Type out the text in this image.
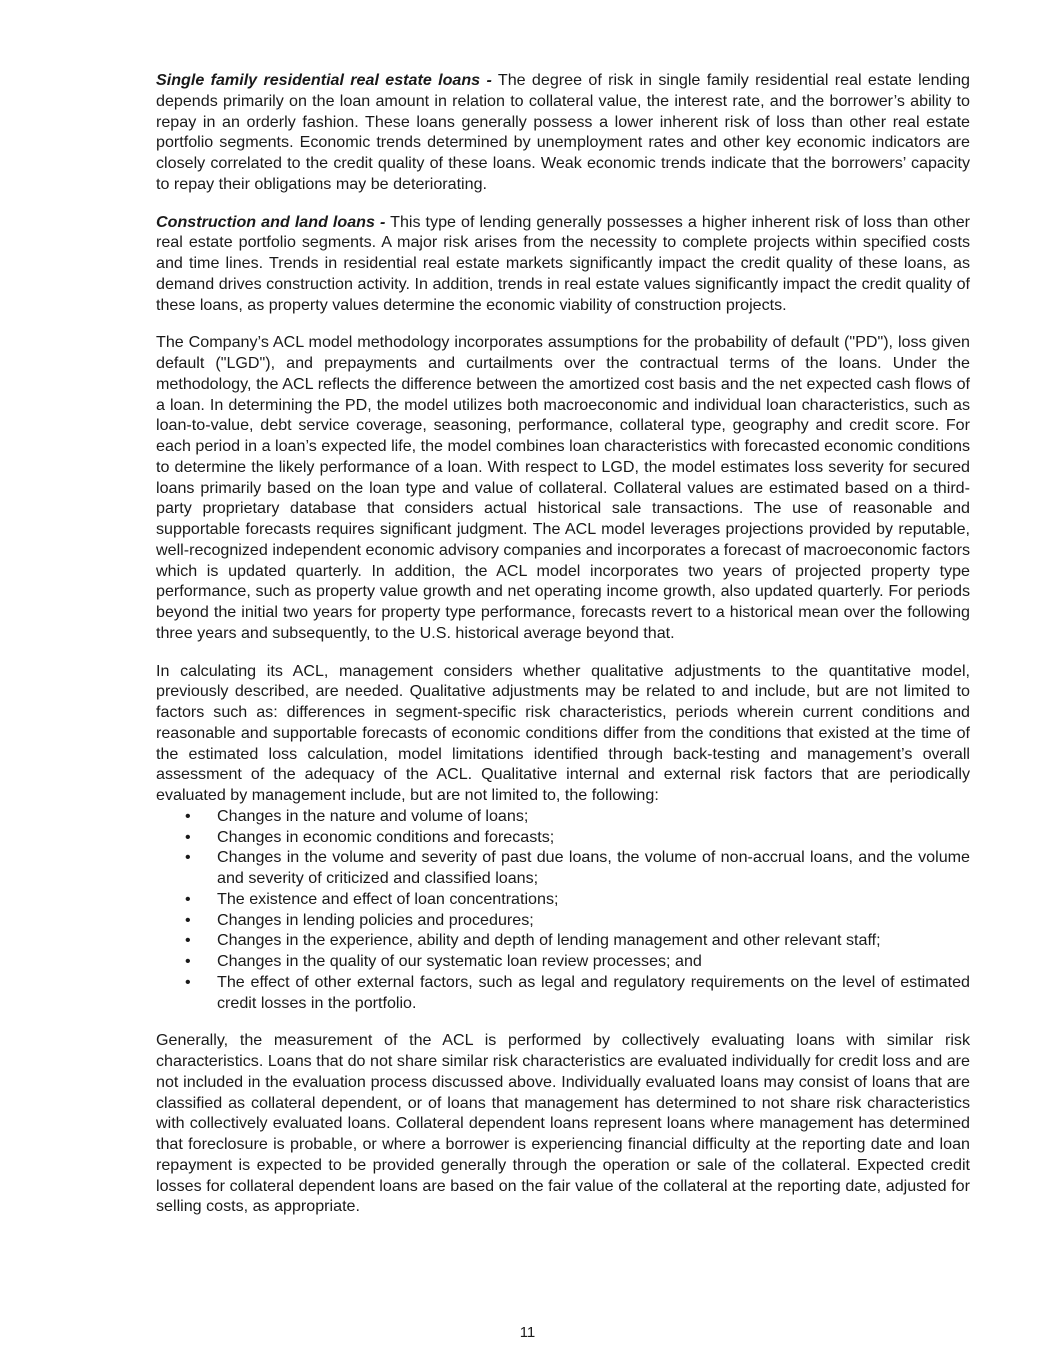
Single family residential real estate loans - The degree of risk in single family residential real estate lending depends primarily on the loan amount in relation to collateral value, the interest rate, and the borrower’s ability to repay in an orderly fashion. These loans generally possess a lower inherent risk of loss than other real estate portfolio segments. Economic trends determined by unemployment rates and other key economic indicators are closely correlated to the credit quality of these loans. Weak economic trends indicate that the borrowers’ capacity to repay their obligations may be deteriorating.

Construction and land loans - This type of lending generally possesses a higher inherent risk of loss than other real estate portfolio segments. A major risk arises from the necessity to complete projects within specified costs and time lines. Trends in residential real estate markets significantly impact the credit quality of these loans, as demand drives construction activity. In addition, trends in real estate values significantly impact the credit quality of these loans, as property values determine the economic viability of construction projects.

The Company’s ACL model methodology incorporates assumptions for the probability of default ("PD"), loss given default ("LGD"), and prepayments and curtailments over the contractual terms of the loans. Under the methodology, the ACL reflects the difference between the amortized cost basis and the net expected cash flows of a loan. In determining the PD, the model utilizes both macroeconomic and individual loan characteristics, such as loan-to-value, debt service coverage, seasoning, performance, collateral type, geography and credit score. For each period in a loan’s expected life, the model combines loan characteristics with forecasted economic conditions to determine the likely performance of a loan. With respect to LGD, the model estimates loss severity for secured loans primarily based on the loan type and value of collateral. Collateral values are estimated based on a third-party proprietary database that considers actual historical sale transactions. The use of reasonable and supportable forecasts requires significant judgment. The ACL model leverages projections provided by reputable, well-recognized independent economic advisory companies and incorporates a forecast of macroeconomic factors which is updated quarterly. In addition, the ACL model incorporates two years of projected property type performance, such as property value growth and net operating income growth, also updated quarterly. For periods beyond the initial two years for property type performance, forecasts revert to a historical mean over the following three years and subsequently, to the U.S. historical average beyond that.

In calculating its ACL, management considers whether qualitative adjustments to the quantitative model, previously described, are needed. Qualitative adjustments may be related to and include, but are not limited to factors such as: differences in segment-specific risk characteristics, periods wherein current conditions and reasonable and supportable forecasts of economic conditions differ from the conditions that existed at the time of the estimated loss calculation, model limitations identified through back-testing and management’s overall assessment of the adequacy of the ACL. Qualitative internal and external risk factors that are periodically evaluated by management include, but are not limited to, the following:

• Changes in the nature and volume of loans;
• Changes in economic conditions and forecasts;
• Changes in the volume and severity of past due loans, the volume of non-accrual loans, and the volume and severity of criticized and classified loans;
• The existence and effect of loan concentrations;
• Changes in lending policies and procedures;
• Changes in the experience, ability and depth of lending management and other relevant staff;
• Changes in the quality of our systematic loan review processes; and
• The effect of other external factors, such as legal and regulatory requirements on the level of estimated credit losses in the portfolio.

Generally, the measurement of the ACL is performed by collectively evaluating loans with similar risk characteristics. Loans that do not share similar risk characteristics are evaluated individually for credit loss and are not included in the evaluation process discussed above. Individually evaluated loans may consist of loans that are classified as collateral dependent, or of loans that management has determined to not share risk characteristics with collectively evaluated loans. Collateral dependent loans represent loans where management has determined that foreclosure is probable, or where a borrower is experiencing financial difficulty at the reporting date and loan repayment is expected to be provided generally through the operation or sale of the collateral. Expected credit losses for collateral dependent loans are based on the fair value of the collateral at the reporting date, adjusted for selling costs, as appropriate.

11
